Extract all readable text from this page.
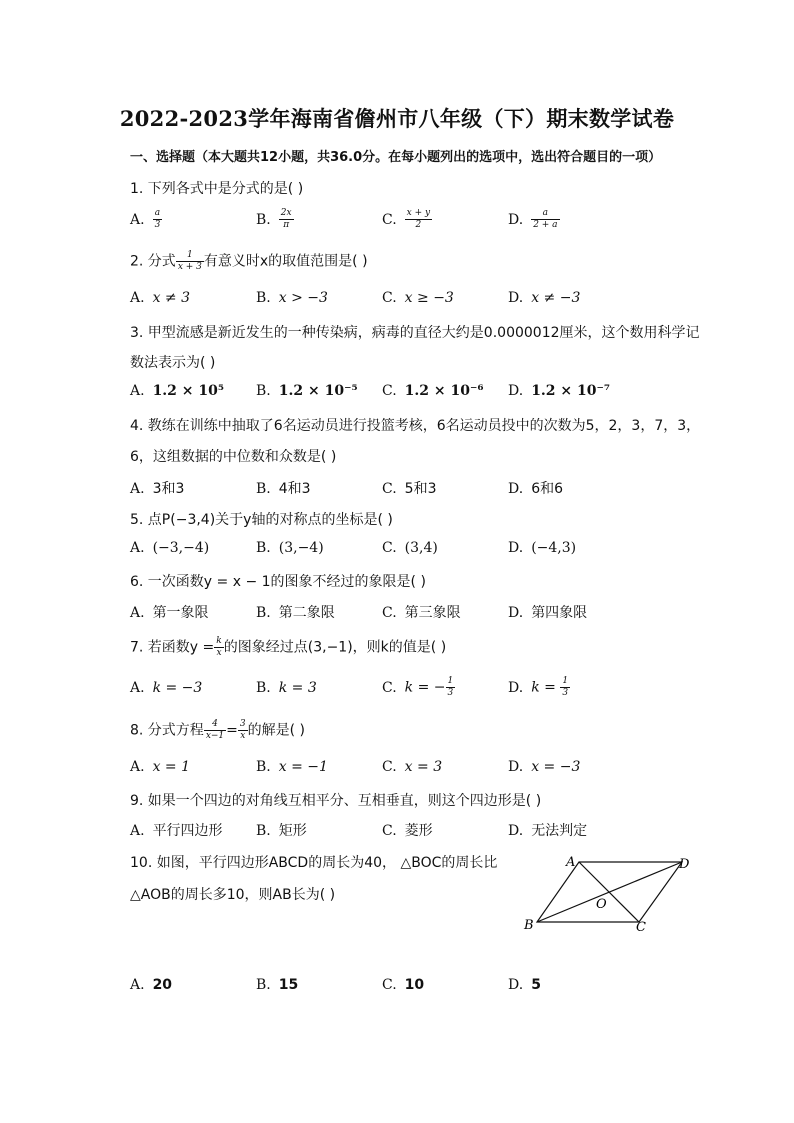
2022-2023学年海南省儋州市八年级（下）期末数学试卷
一、选择题（本大题共12小题，共36.0分。在每小题列出的选项中，选出符合题目的一项）
1. 下列各式中是分式的是( )
A. $\frac{a}{3}$	B. $\frac{2x}{\pi}$	C. $\frac{x + y}{2}$	D. $\frac{a}{2 + a}$
2. 分式 $\frac{1}{x + 3}$ 有意义时x的取值范围是( )
A. x ≠ 3	B. x > −3	C. x ≥ −3	D. x ≠ −3
3. 甲型流感是新近发生的一种传染病，病毒的直径大约是0.0000012厘米，这个数用科学记
数法表示为( )
A. 1.2 × 10⁵ B. 1.2 × 10⁻⁵ C. 1.2 × 10⁻⁶ D. 1.2 × 10⁻⁷
4. 教练在训练中抽取了6名运动员进行投篮考核，6名运动员投中的次数为5，2，3，7，3，
6，这组数据的中位数和众数是( )
A. 3和3	B. 4和3	C. 5和3	D. 6和6
5. 点P(−3,4)关于y轴的对称点的坐标是( )
A. (−3,−4)	B. (3,−4)	C. (3,4)	D. (−4,3)
6. 一次函数y = x − 1的图象不经过的象限是( )
A. 第一象限	B. 第二象限	C. 第三象限	D. 第四象限
7. 若函数$y = \frac{k}{x}$ 的图象经过点(3,−1)，则k的值是( )
A. k = −3	B. k = 3	C. k = − $\frac{1}{3}$	D. $k = \frac{1}{3}$
8. 分式方程 $\frac{4}{x-1} = \frac{3}{x}$ 的解是( )
A. x = 1	B. x = −1	C. x = 3	D. x = −3
9. 如果一个四边的对角线互相平分、互相垂直，则这个四边形是( )
A. 平行四边形 B. 矩形	C. 菱形	D. 无法判定
10. 如图，平行四边形ABCD的周长为40， △BOC的周长比
△AOB的周长多10，则AB长为( )
A	D
B	C
O
A. 20	B. 15	C. 10	D. 5
